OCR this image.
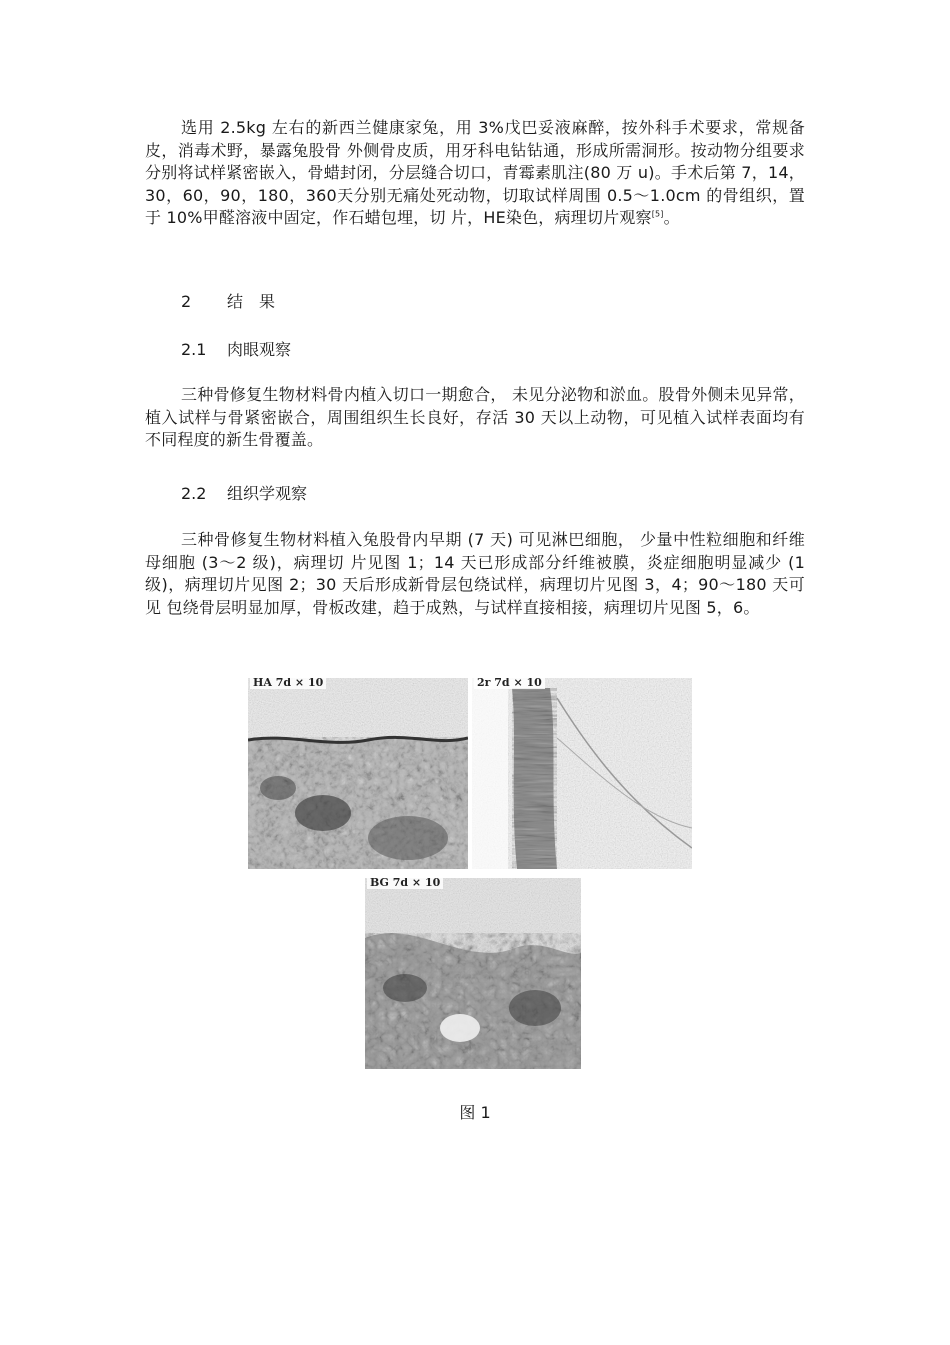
选用 2.5kg 左右的新西兰健康家兔，用 3%戊巴妥液麻醉，按外科手术要求，常规备皮，消毒术野，暴露兔股骨 外侧骨皮质，用牙科电钻钻通，形成所需洞形。按动物分组要求分别将试样紧密嵌入，骨蜡封闭，分层缝合切口，青霉素肌注(80 万 u)。手术后第 7，14，30，60，90，180，360天分别无痛处死动物，切取试样周围 0.5～1.0cm 的骨组织，置于 10%甲醛溶液中固定，作石蜡包埋，切 片，HE染色，病理切片观察[5]。

2 结　果

2.1 肉眼观察

三种骨修复生物材料骨内植入切口一期愈合， 未见分泌物和淤血。股骨外侧未见异常，植入试样与骨紧密嵌合，周围组织生长良好，存活 30 天以上动物，可见植入试样表面均有不同程度的新生骨覆盖。

2.2 组织学观察

三种骨修复生物材料植入兔股骨内早期 (7 天) 可见淋巴细胞， 少量中性粒细胞和纤维母细胞 (3～2 级)，病理切 片见图 1；14 天已形成部分纤维被膜，炎症细胞明显减少 (1 级)，病理切片见图 2；30 天后形成新骨层包绕试样，病理切片见图 3，4；90～180 天可见 包绕骨层明显加厚，骨板改建，趋于成熟，与试样直接相接，病理切片见图 5，6。

HA 7d × 10	2r 7d × 10
BG 7d × 10

图 1
